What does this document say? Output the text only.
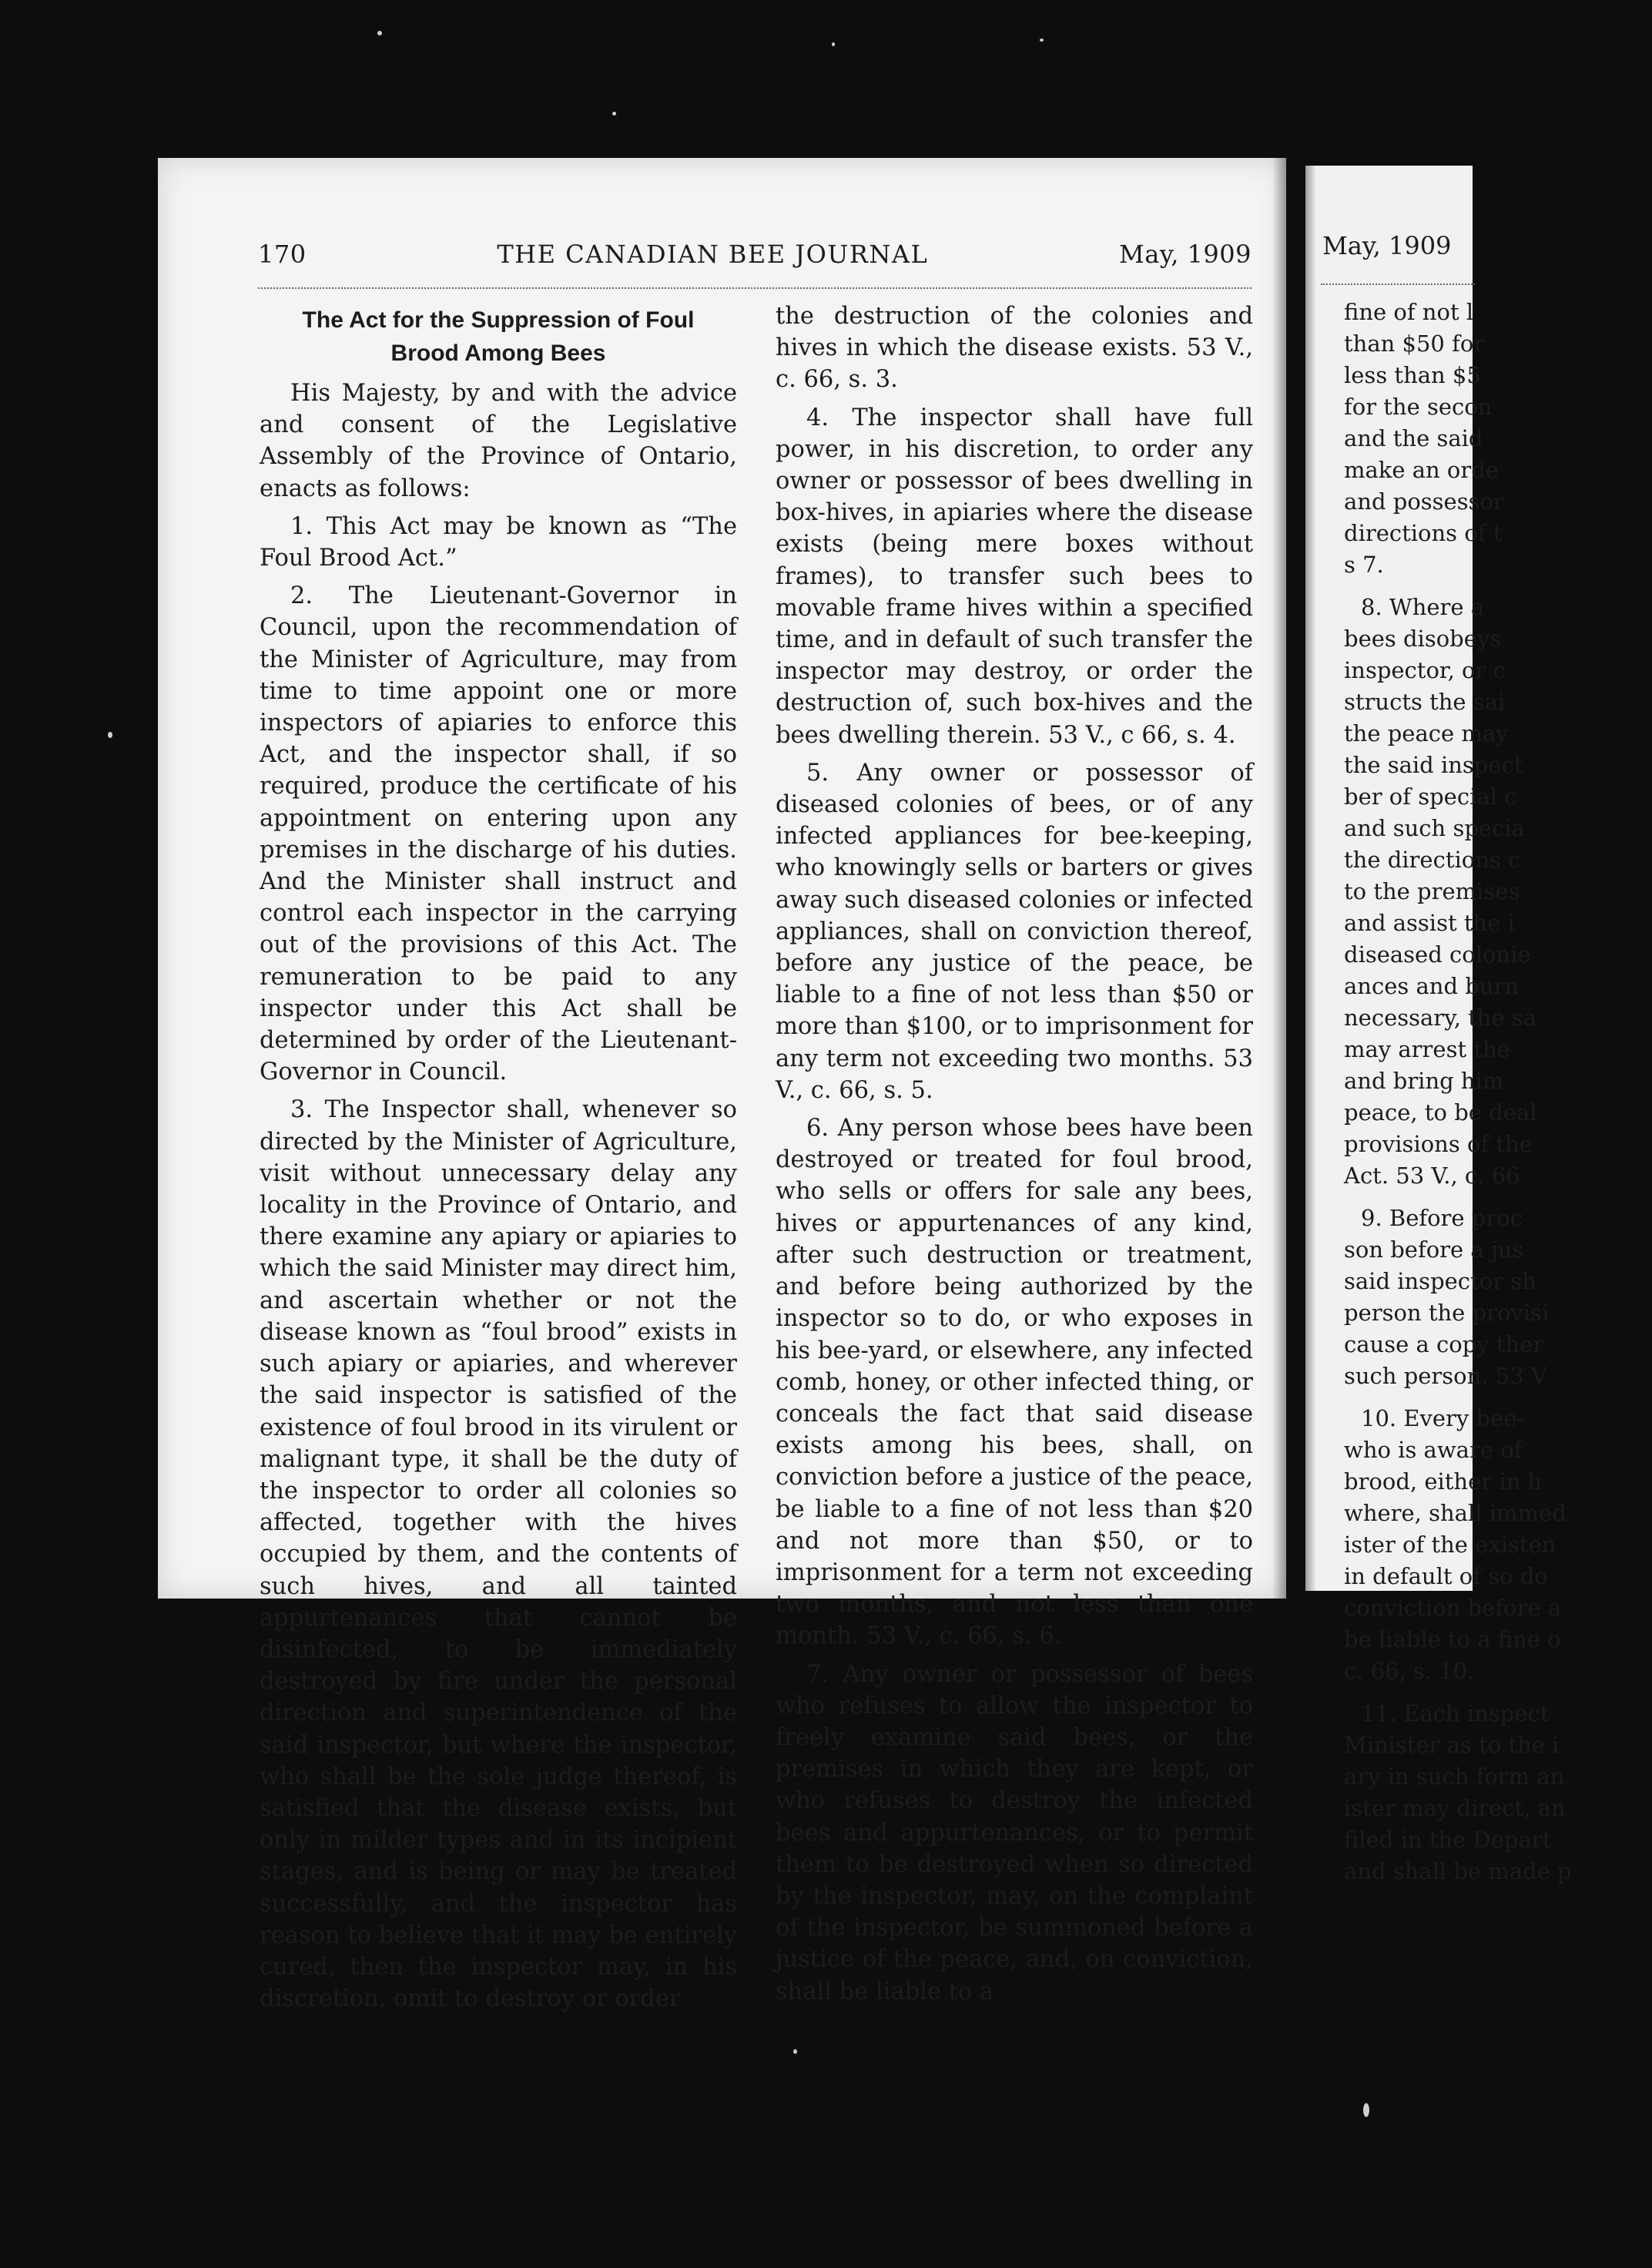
170	THE CANADIAN BEE JOURNAL	May, 1909
The Act for the Suppression of Foul
Brood Among Bees

His Majesty, by and with the advice and consent of the Legislative Assembly of the Province of Ontario, enacts as follows:

1. This Act may be known as “The Foul Brood Act.”

2. The Lieutenant-Governor in Council, upon the recommendation of the Minister of Agriculture, may from time to time appoint one or more inspectors of apiaries to enforce this Act, and the inspector shall, if so required, produce the certificate of his appointment on entering upon any premises in the discharge of his duties. And the Minister shall instruct and control each inspector in the carrying out of the provisions of this Act. The remuneration to be paid to any inspector under this Act shall be determined by order of the Lieutenant-Governor in Council.

3. The Inspector shall, whenever so directed by the Minister of Agriculture, visit without unnecessary delay any locality in the Province of Ontario, and there examine any apiary or apiaries to which the said Minister may direct him, and ascertain whether or not the disease known as “foul brood” exists in such apiary or apiaries, and wherever the said inspector is satisfied of the existence of foul brood in its virulent or malignant type, it shall be the duty of the inspector to order all colonies so affected, together with the hives occupied by them, and the contents of such hives, and all tainted appurtenances that cannot be disinfected, to be immediately destroyed by fire under the personal direction and superintendence of the said inspector, but where the inspector, who shall be the sole judge thereof, is satisfied that the disease exists, but only in milder types and in its incipient stages, and is being or may be treated successfully, and the inspector has reason to believe that it may be entirely cured, then the inspector may, in his discretion, omit to destroy or order

the destruction of the colonies and hives in which the disease exists. 53 V., c. 66, s. 3.

4. The inspector shall have full power, in his discretion, to order any owner or possessor of bees dwelling in box-hives, in apiaries where the disease exists (being mere boxes without frames), to transfer such bees to movable frame hives within a specified time, and in default of such transfer the inspector may destroy, or order the destruction of, such box-hives and the bees dwelling therein. 53 V., c 66, s. 4.

5. Any owner or possessor of diseased colonies of bees, or of any infected appliances for bee-keeping, who knowingly sells or barters or gives away such diseased colonies or infected appliances, shall on conviction thereof, before any justice of the peace, be liable to a fine of not less than $50 or more than $100, or to imprisonment for any term not exceeding two months. 53 V., c. 66, s. 5.

6. Any person whose bees have been destroyed or treated for foul brood, who sells or offers for sale any bees, hives or appurtenances of any kind, after such destruction or treatment, and before being authorized by the inspector so to do, or who exposes in his bee-yard, or elsewhere, any infected comb, honey, or other infected thing, or conceals the fact that said disease exists among his bees, shall, on conviction before a justice of the peace, be liable to a fine of not less than $20 and not more than $50, or to imprisonment for a term not exceeding two months, and not less than one month. 53 V., c. 66, s. 6.

7. Any owner or possessor of bees who refuses to allow the inspector to freely examine said bees, or the premises in which they are kept, or who refuses to destroy the infected bees and appurtenances, or to permit them to be destroyed when so directed by the inspector, may, on the complaint of the inspector, be summoned before a justice of the peace, and, on conviction, shall be liable to a

May, 1909
fine of not l
than $50 for
less than $5
for the secon
and the said
make an orde
and possessor
directions of t
s 7.
8. Where a
bees disobeys
inspector, or c
structs the sai
the peace may
the said inspect
ber of special c
and such specia
the directions c
to the premises
and assist the i
diseased colonie
ances and burn
necessary, the sa
may arrest the
and bring him
peace, to be deal
provisions of the
Act. 53 V., c. 66
9. Before proc
son before a jus
said inspector sh
person the provisi
cause a copy ther
such person. 53 V
10. Every bee-
who is aware of
brood, either in h
where, shall immed
ister of the existen
in default of so do
conviction before a
be liable to a fine o
c. 66, s. 10.
11. Each inspect
Minister as to the i
ary in such form an
ister may direct, an
filed in the Depart
and shall be made p
